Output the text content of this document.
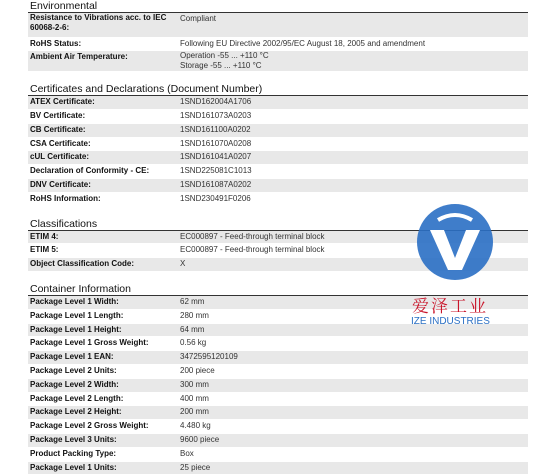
Environmental
Resistance to Vibrations acc. to IEC 60068-2-6:	Compliant
RoHS Status:	Following EU Directive 2002/95/EC August 18, 2005 and amendment
Ambient Air Temperature:	Operation -55 ... +110 °C
Storage -55 ... +110 °C
Certificates and Declarations (Document Number)
ATEX Certificate:	1SND162004A1706
BV Certificate:	1SND161073A0203
CB Certificate:	1SND161100A0202
CSA Certificate:	1SND161070A0208
cUL Certificate:	1SND161041A0207
Declaration of Conformity - CE:	1SND225081C1013
DNV Certificate:	1SND161087A0202
RoHS Information:	1SND230491F0206
Classifications
ETIM 4:	EC000897 - Feed-through terminal block
ETIM 5:	EC000897 - Feed-through terminal block
Object Classification Code:	X
Container Information
Package Level 1 Width:	62 mm
Package Level 1 Length:	280 mm
Package Level 1 Height:	64 mm
Package Level 1 Gross Weight:	0.56 kg
Package Level 1 EAN:	3472595120109
Package Level 2 Units:	200 piece
Package Level 2 Width:	300 mm
Package Level 2 Length:	400 mm
Package Level 2 Height:	200 mm
Package Level 2 Gross Weight:	4.480 kg
Package Level 3 Units:	9600 piece
Product Packing Type:	Box
Package Level 1 Units:	25 piece
爱泽工业
IZE INDUSTRIES
